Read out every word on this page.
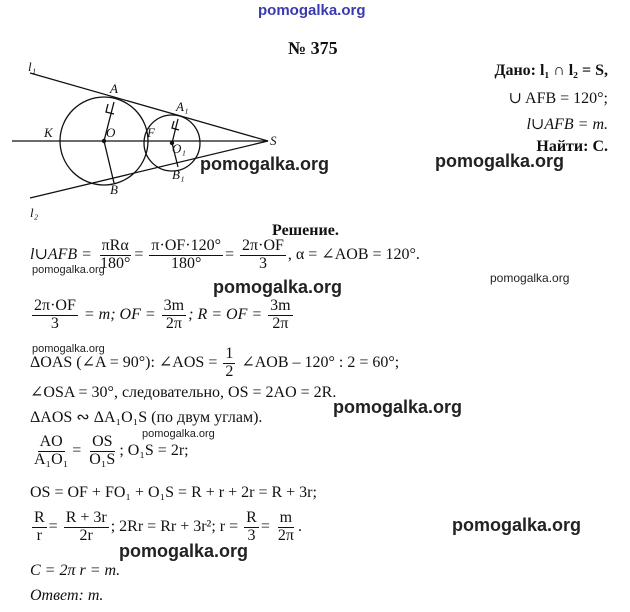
pomogalka.org
№ 375
Дано: l₁ ∩ l₂ = S,
∪ AFB = 120°;
l∪AFB = m.
Найти: C.
l₁
l₂
A
A₁
K	O F
O₁
S
B
B₁
pomogalka.org	pomogalka.org
Решение.
l∪AFB = $\frac{\text{πRα}}{180^\circ} = \frac{\pi\cdot OF\cdot 120^\circ}{180^\circ} = \frac{2\pi\cdot OF}{3}$ , α = ∠AOB = 120°.
pomogalka.org
pomogalka.org
pomogalka.org
$\frac{2\pi\cdot OF}{3} = m$; OF = $\frac{3m}{2\pi}$ ; R = OF = $\frac{3m}{2\pi}$
pomogalka.org
ΔOAS (∠A = 90°): ∠AOS = $\frac{1}{2}$ ∠AOB – 120° : 2 = 60°;
∠OSA = 30°, следовательно, OS = 2AO = 2R.
pomogalka.org
ΔAOS ∾ ΔA₁O₁S (по двум углам).
pomogalka.org
$\frac{AO}{\text{A₁O₁}} = \frac{OS}{\text{O₁S}}$ ; O₁S = 2r;
OS = OF + FO₁ + O₁S = R + r + 2r = R + 3r;
$\frac{R}{r} = \frac{R + 3r}{2r}$ ; 2Rr = Rr + 3r²; $r = \frac{R}{3} = \frac{m}{2\pi}$ .	pomogalka.org
pomogalka.org
C = 2π r = m.
Ответ: m.
